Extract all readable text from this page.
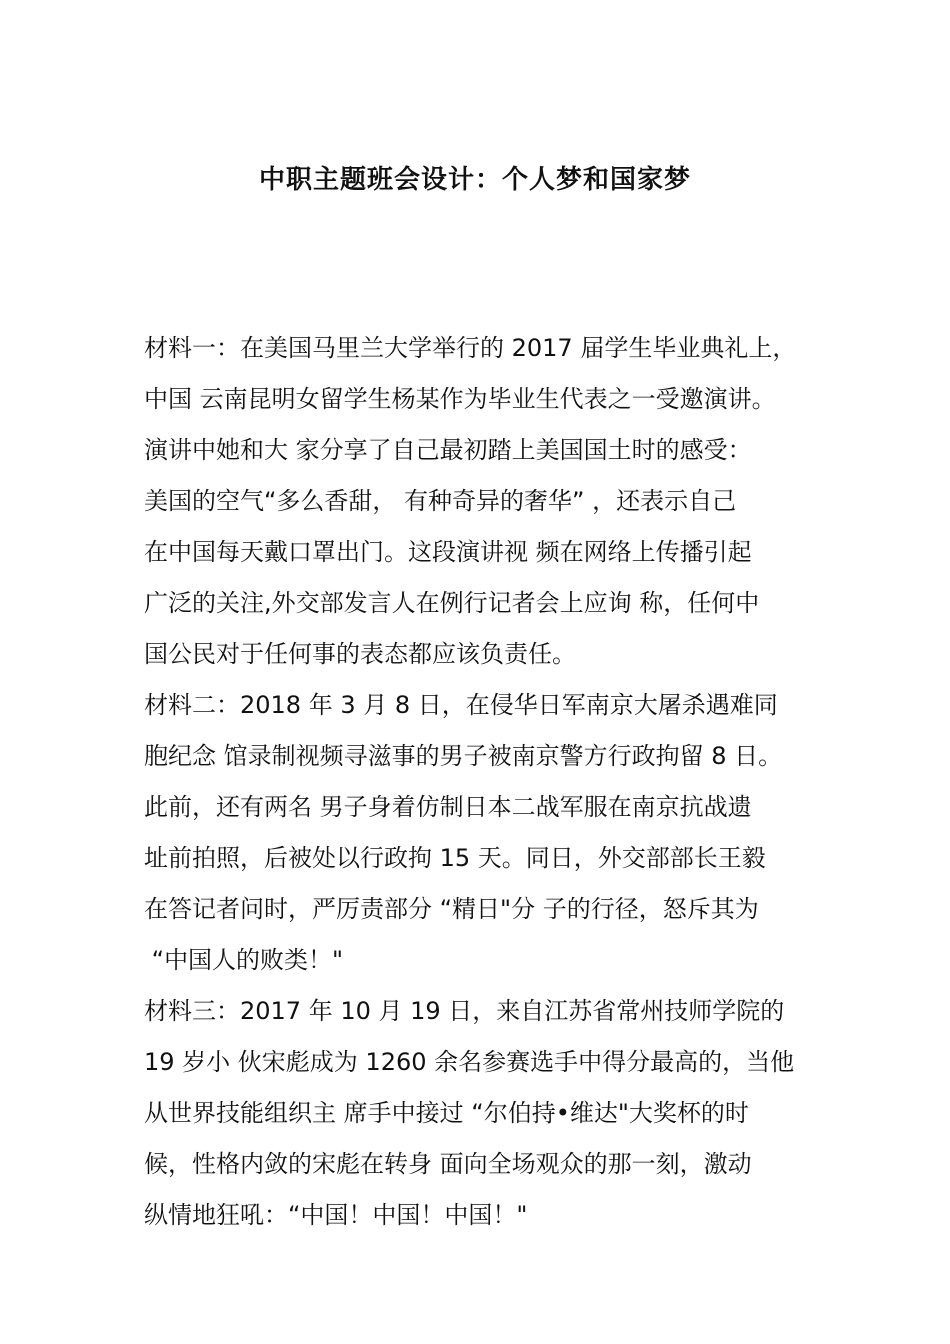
中职主题班会设计：个人梦和国家梦
材料一：在美国马里兰大学举行的 2017 届学生毕业典礼上，
中国 云南昆明女留学生杨某作为毕业生代表之一受邀演讲。
演讲中她和大 家分享了自己最初踏上美国国土时的感受：
美国的空气“多么香甜， 有种奇异的奢华” ，还表示自己
在中国每天戴口罩出门。这段演讲视 频在网络上传播引起
广泛的关注,外交部发言人在例行记者会上应询 称，任何中
国公民对于任何事的表态都应该负责任。
材料二：2018 年 3 月 8 日，在侵华日军南京大屠杀遇难同
胞纪念 馆录制视频寻滋事的男子被南京警方行政拘留 8 日。
此前，还有两名 男子身着仿制日本二战军服在南京抗战遗
址前拍照，后被处以行政拘 15 天。同日，外交部部长王毅
在答记者问时，严厉责部分 “精日"分 子的行径，怒斥其为
“中国人的败类！"
材料三：2017 年 10 月 19 日，来自江苏省常州技师学院的
19 岁小 伙宋彪成为 1260 余名参赛选手中得分最高的，当他
从世界技能组织主 席手中接过 “尔伯持•维达"大奖杯的时
候，性格内敛的宋彪在转身 面向全场观众的那一刻，激动
纵情地狂吼：“中国！中国！中国！"
